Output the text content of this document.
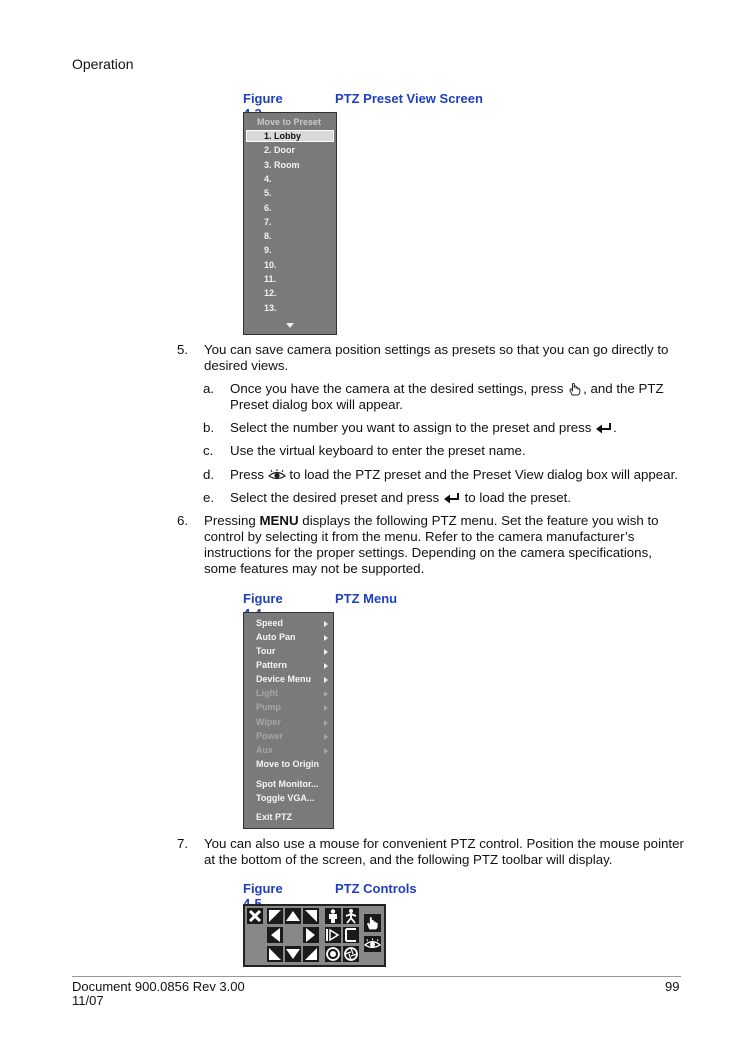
Operation
Figure	PTZ Preset View Screen
Move to Preset
1. Lobby
2. Door
3. Room
4.
5.
6.
7.
8.
9.
10.
11.
12.
13.
5. You can save camera position settings as presets so that you can go directly to
desired views.
a. Once you have the camera at the desired settings, press , and the PTZ
Preset dialog box will appear.
b. Select the number you want to assign to the preset and press .
c. Use the virtual keyboard to enter the preset name.
d. Press to load the PTZ preset and the Preset View dialog box will appear.
e. Select the desired preset and press to load the preset.
6. Pressing MENU displays the following PTZ menu. Set the feature you wish to
control by selecting it from the menu. Refer to the camera manufacturer’s
instructions for the proper settings. Depending on the camera specifications,
some features may not be supported.
Figure	PTZ Menu
Speed
Auto Pan
Tour
Pattern
Device Menu
Light
Pump
Wiper
Power
Aux
Move to Origin
Spot Monitor...
Toggle VGA...
Exit PTZ
7. You can also use a mouse for convenient PTZ control. Position the mouse pointer
at the bottom of the screen, and the following PTZ toolbar will display.
Figure	PTZ Controls
Document 900.0856 Rev 3.00
11/07
99
